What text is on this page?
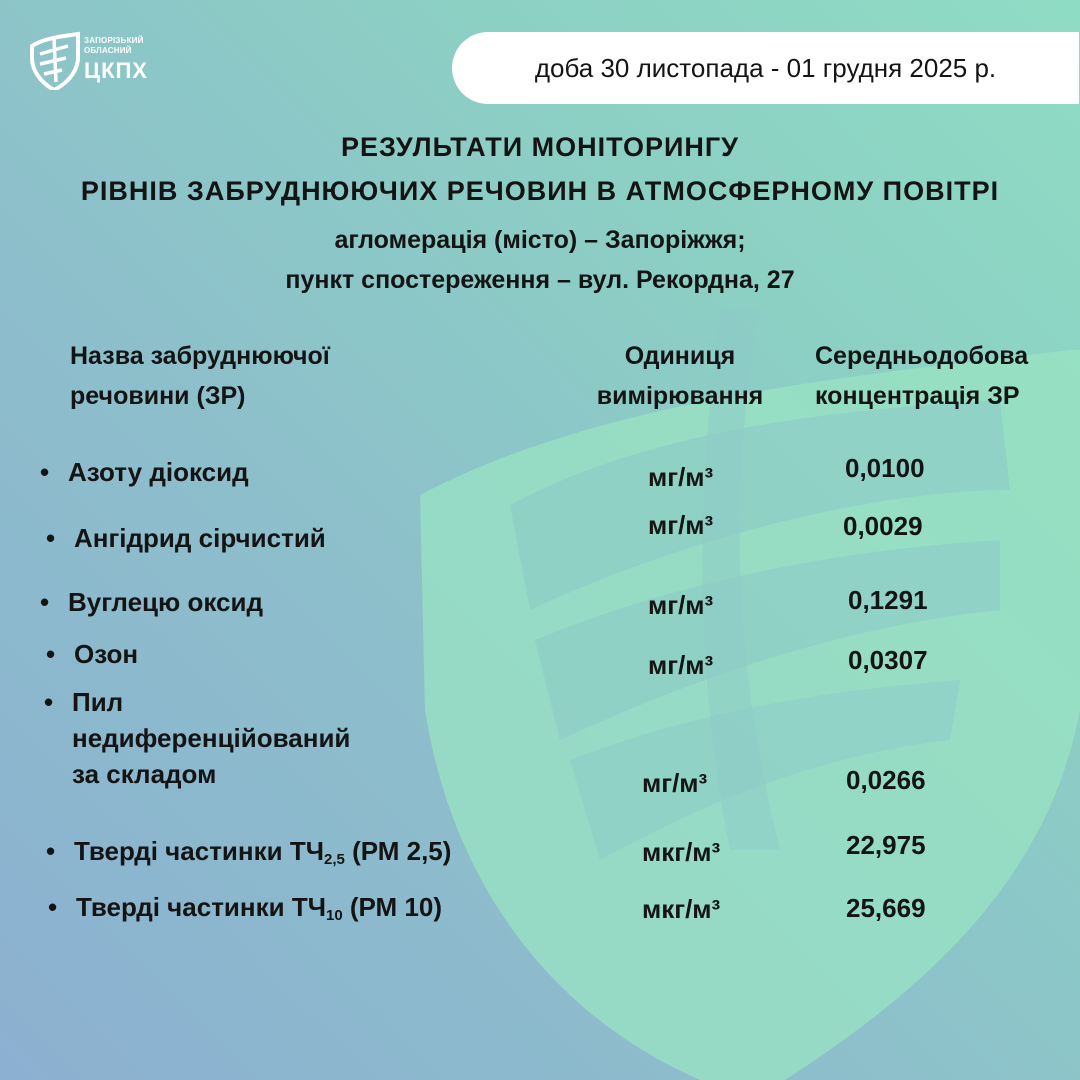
ЗАПОРІЗЬКИЙ
ОБЛАСНИЙ
ЦКПХ	доба 30 листопада - 01 грудня 2025 р.
РЕЗУЛЬТАТИ МОНІТОРИНГУ
РІВНІВ ЗАБРУДНЮЮЧИХ РЕЧОВИН В АТМОСФЕРНОМУ ПОВІТРІ
агломерація (місто) – Запоріжжя;
пункт спостереження – вул. Рекордна, 27
Назва забруднюючої
речовини (ЗР)
Одиниця
вимірювання
Середньодобова
концентрація ЗР
• Азоту діоксид	мг/м³	0,0100
• Ангідрид сірчистий	мг/м³	0,0029
• Вуглецю оксид	мг/м³	0,1291
• Озон	мг/м³	0,0307
• Пил
недиференційований
за складом	мг/м³	0,0266
• Тверді частинки $ТЧ_{2,5}$ (РМ 2,5)	мкг/м³	22,975
• Тверді частинки $ТЧ_{10}$ (РМ 10)	мкг/м³	25,669
